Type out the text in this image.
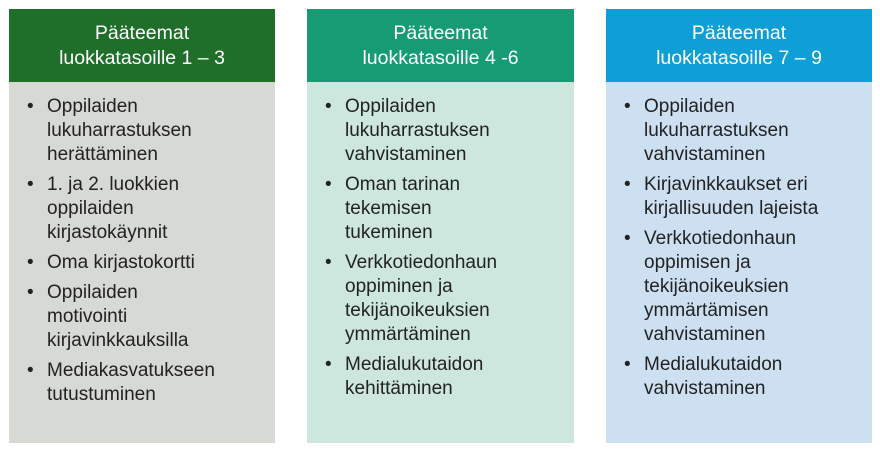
Pääteemat
luokkatasoille 1 – 3
• Oppilaiden
lukuharrastuksen
herättäminen
• 1. ja 2. luokkien
oppilaiden
kirjastokäynnit
• Oma kirjastokortti
• Oppilaiden
motivointi
kirjavinkkauksilla
• Mediakasvatukseen
tutustuminen
Pääteemat
luokkatasoille 4 -6
• Oppilaiden
lukuharrastuksen
vahvistaminen
• Oman tarinan
tekemisen
tukeminen
• Verkkotiedonhaun
oppiminen ja
tekijänoikeuksien
ymmärtäminen
• Medialukutaidon
kehittäminen
Pääteemat
luokkatasoille 7 – 9
• Oppilaiden
lukuharrastuksen
vahvistaminen
• Kirjavinkkaukset eri
kirjallisuuden lajeista
• Verkkotiedonhaun
oppimisen ja
tekijänoikeuksien
ymmärtämisen
vahvistaminen
• Medialukutaidon
vahvistaminen
